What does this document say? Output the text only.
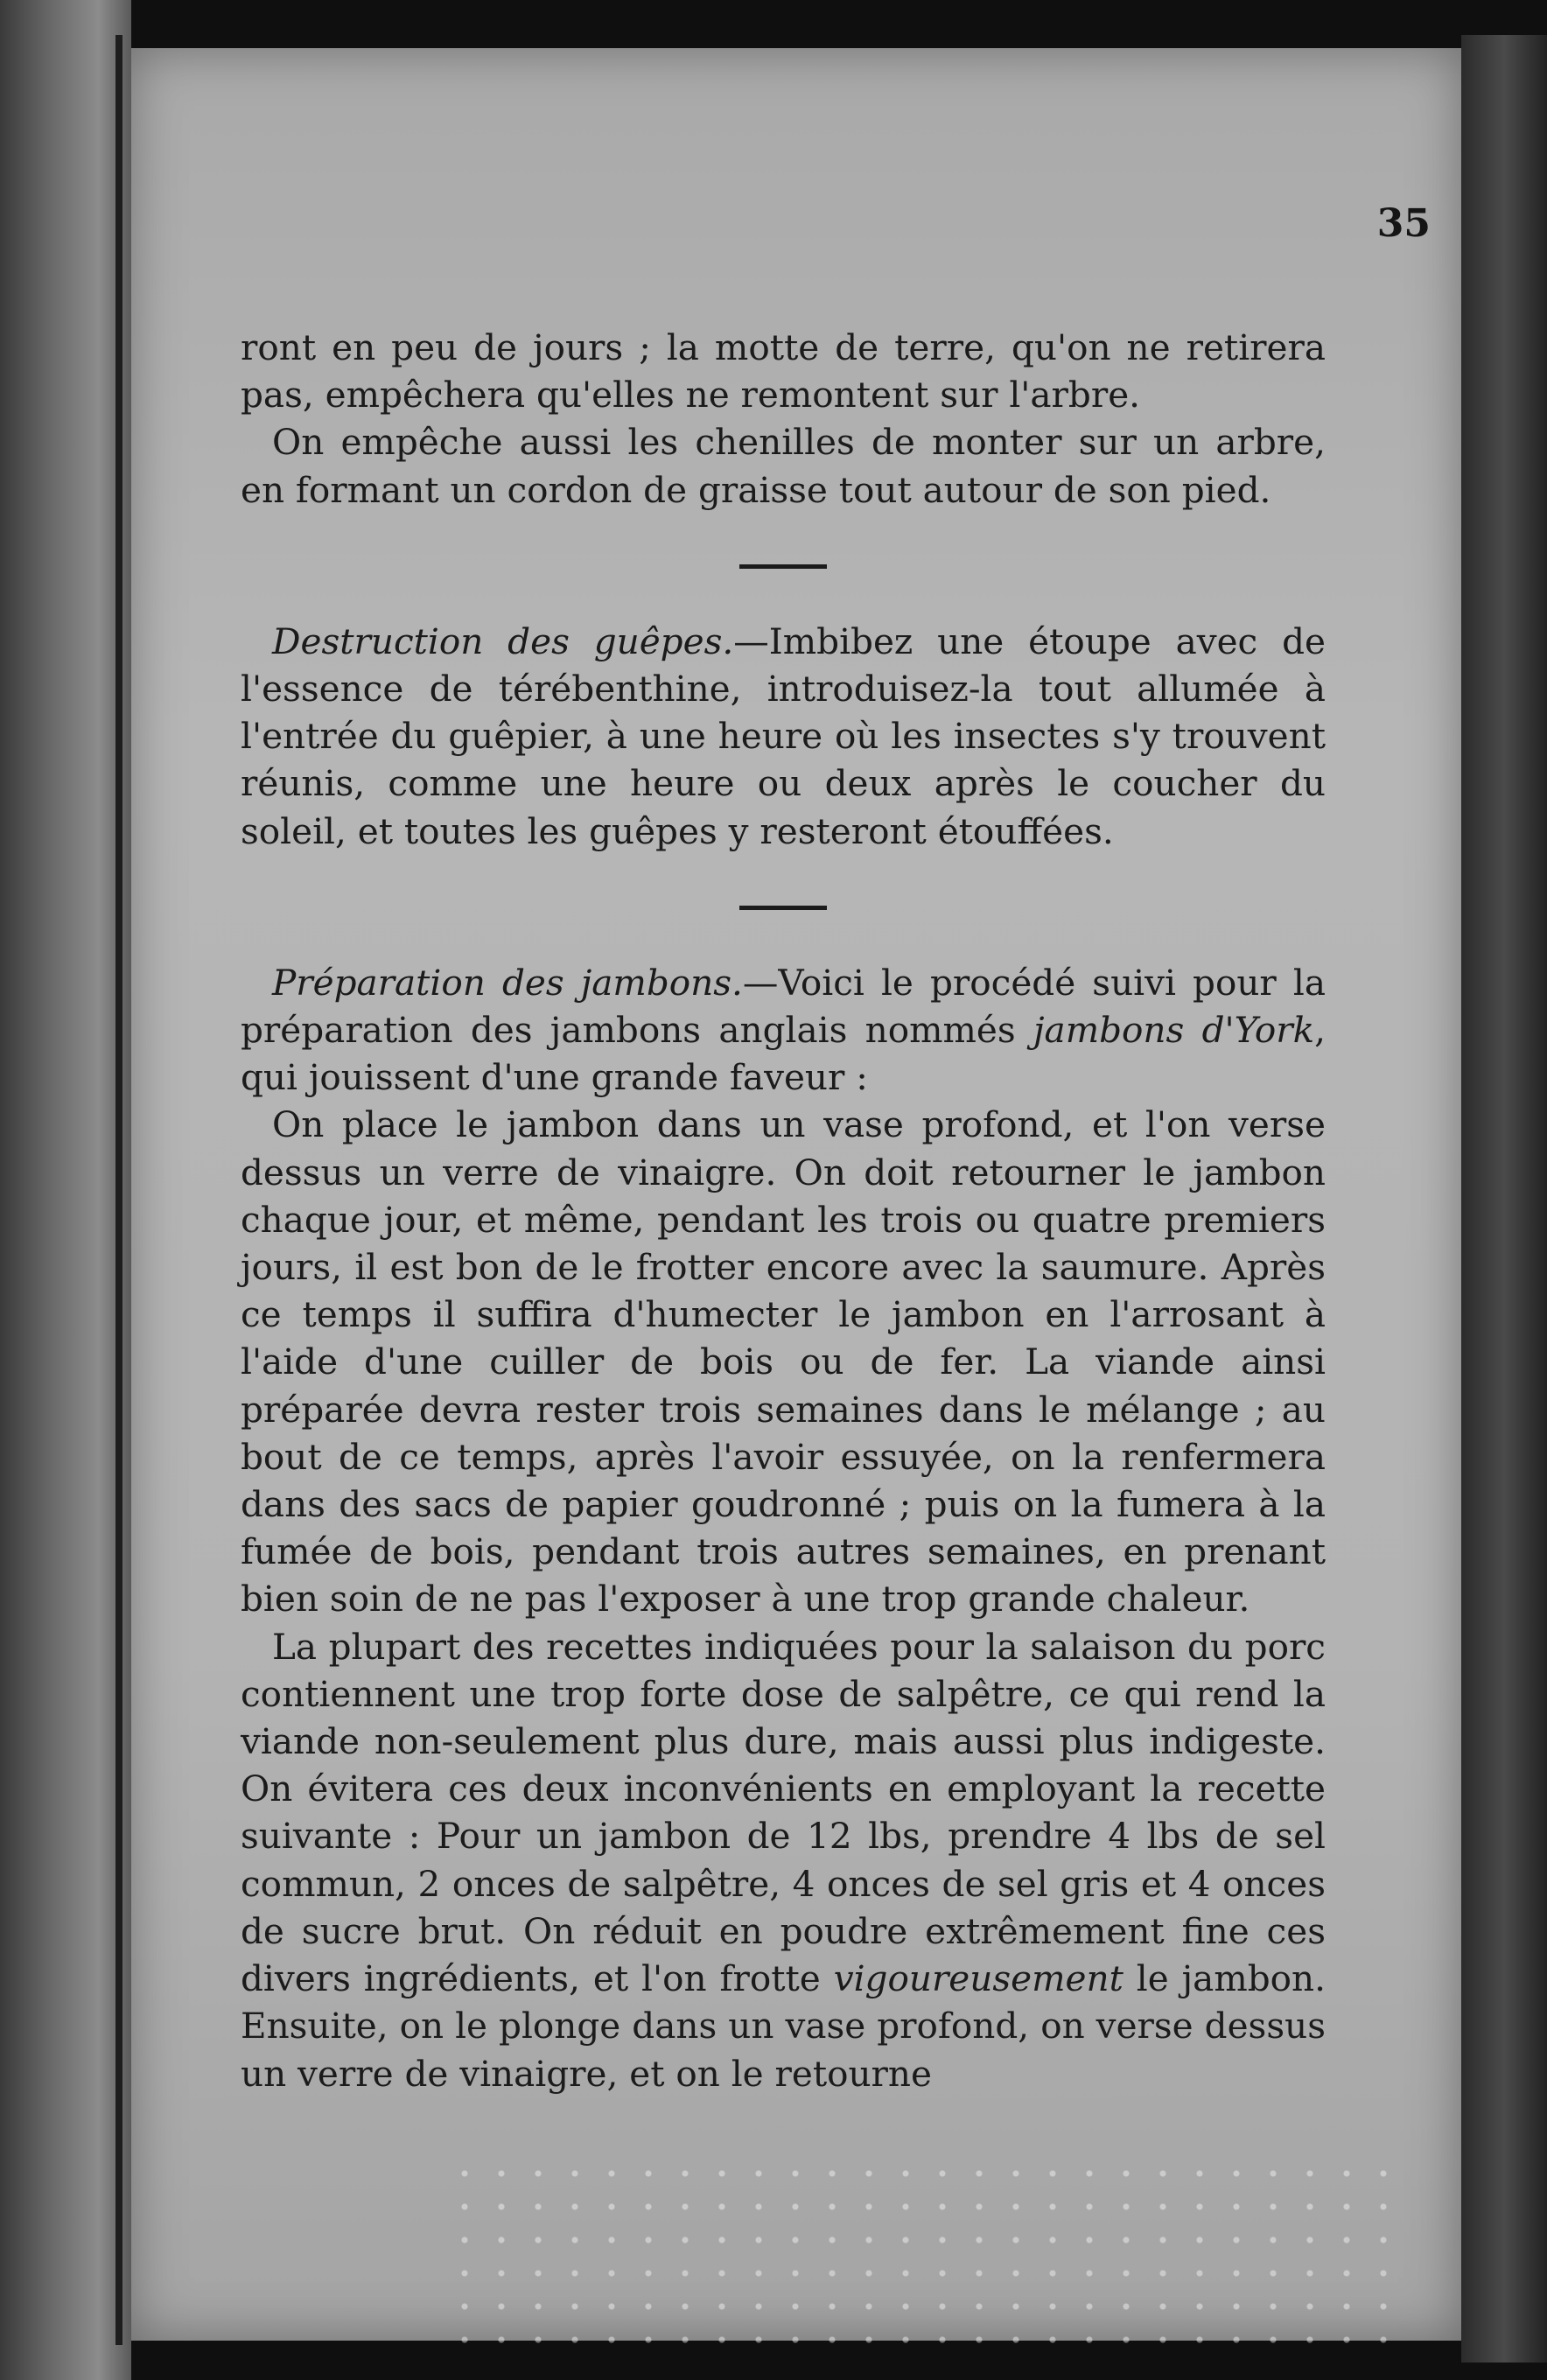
35

ront en peu de jours ; la motte de terre, qu'on ne retirera pas, empêchera qu'elles ne remontent sur l'arbre.

On empêche aussi les chenilles de monter sur un arbre, en formant un cordon de graisse tout autour de son pied.

Destruction des guêpes.—Imbibez une étoupe avec de l'essence de térébenthine, introduisez-la tout allumée à l'entrée du guêpier, à une heure où les insectes s'y trouvent réunis, comme une heure ou deux après le coucher du soleil, et toutes les guêpes y resteront étouffées.

Préparation des jambons.—Voici le procédé suivi pour la préparation des jambons anglais nommés jambons d'York, qui jouissent d'une grande faveur :

On place le jambon dans un vase profond, et l'on verse dessus un verre de vinaigre. On doit retourner le jambon chaque jour, et même, pendant les trois ou quatre premiers jours, il est bon de le frotter encore avec la saumure. Après ce temps il suffira d'humecter le jambon en l'arrosant à l'aide d'une cuiller de bois ou de fer. La viande ainsi préparée devra rester trois semaines dans le mélange ; au bout de ce temps, après l'avoir essuyée, on la renfermera dans des sacs de papier goudronné ; puis on la fumera à la fumée de bois, pendant trois autres semaines, en prenant bien soin de ne pas l'exposer à une trop grande chaleur.

La plupart des recettes indiquées pour la salaison du porc contiennent une trop forte dose de salpêtre, ce qui rend la viande non-seulement plus dure, mais aussi plus indigeste. On évitera ces deux inconvénients en employant la recette suivante : Pour un jambon de 12 lbs, prendre 4 lbs de sel commun, 2 onces de salpêtre, 4 onces de sel gris et 4 onces de sucre brut. On réduit en poudre extrêmement fine ces divers ingrédients, et l'on frotte vigoureusement le jambon. Ensuite, on le plonge dans un vase profond, on verse dessus un verre de vinaigre, et on le retourne
